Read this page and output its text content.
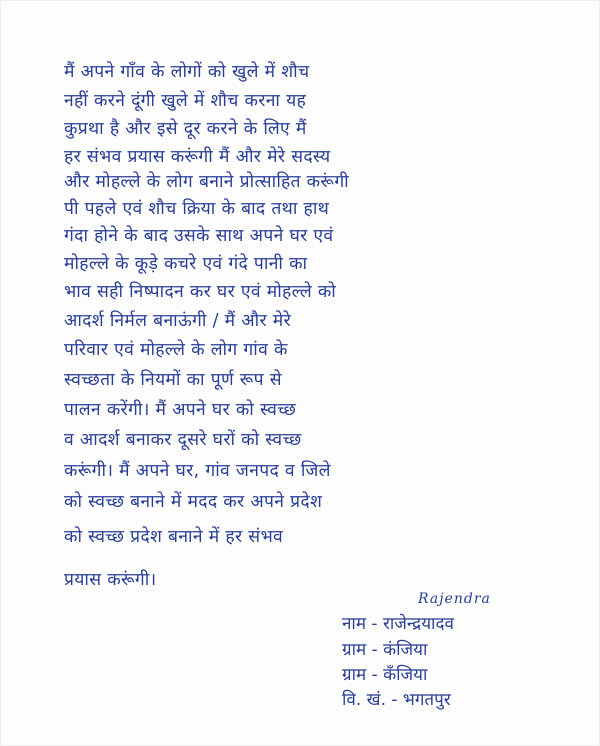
मैं अपने गाँव के लोगों को खुले में शौच
नहीं करने दूंगी खुले में शौच करना यह
कुप्रथा है और इसे दूर करने के लिए मैं
हर संभव प्रयास करूंगी मैं और मेरे सदस्य
और मोहल्ले के लोग बनाने प्रोत्साहित करूंगी
पी पहले एवं शौच क्रिया के बाद तथा हाथ
गंदा होने के बाद उसके साथ अपने घर एवं
मोहल्ले के कूड़े कचरे एवं गंदे पानी का
भाव सही निष्पादन कर घर एवं मोहल्ले को
आदर्श निर्मल बनाऊंगी / मैं और मेरे
परिवार एवं मोहल्ले के लोग गांव के
स्वच्छता के नियमों का पूर्ण रूप से
पालन करेंगी। मैं अपने घर को स्वच्छ
व आदर्श बनाकर दूसरे घरों को स्वच्छ
करूंगी। मैं अपने घर, गांव जनपद व जिले
को स्वच्छ बनाने में मदद कर अपने प्रदेश
को स्वच्छ प्रदेश बनाने में हर संभव
प्रयास करूंगी।
Rajendra
नाम - राजेन्द्रयादव
ग्राम - कंजिया
ग्राम - कँजिया
वि. खं. - भगतपुर
